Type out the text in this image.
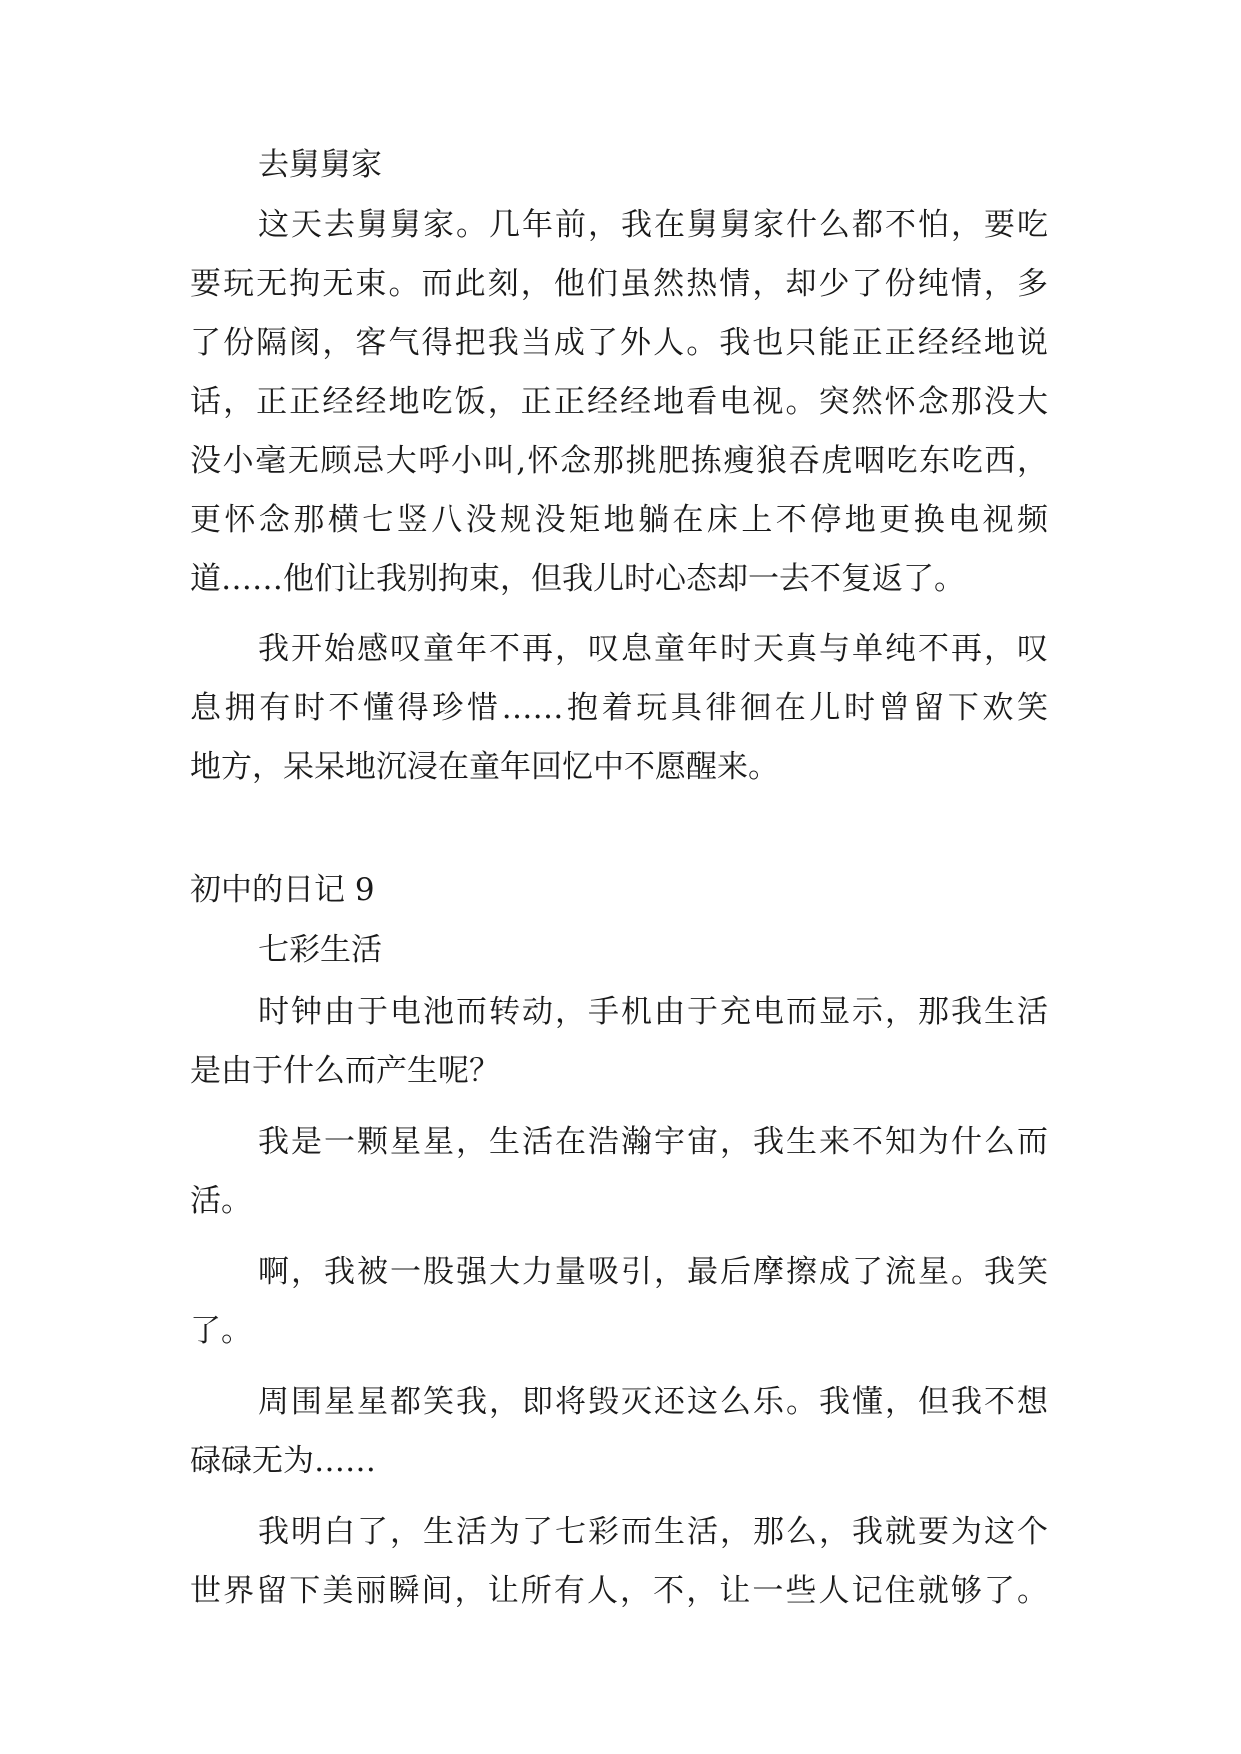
去舅舅家
这天去舅舅家。几年前，我在舅舅家什么都不怕，要吃
要玩无拘无束。而此刻，他们虽然热情，却少了份纯情，多
了份隔阂，客气得把我当成了外人。我也只能正正经经地说
话，正正经经地吃饭，正正经经地看电视。突然怀念那没大
没小毫无顾忌大呼小叫,怀念那挑肥拣瘦狼吞虎咽吃东吃西，
更怀念那横七竖八没规没矩地躺在床上不停地更换电视频
道……他们让我别拘束，但我儿时心态却一去不复返了。
我开始感叹童年不再，叹息童年时天真与单纯不再，叹
息拥有时不懂得珍惜……抱着玩具徘徊在儿时曾留下欢笑
地方，呆呆地沉浸在童年回忆中不愿醒来。
初中的日记 9
七彩生活
时钟由于电池而转动，手机由于充电而显示，那我生活
是由于什么而产生呢？
我是一颗星星，生活在浩瀚宇宙，我生来不知为什么而
活。
啊，我被一股强大力量吸引，最后摩擦成了流星。我笑
了。
周围星星都笑我，即将毁灭还这么乐。我懂，但我不想
碌碌无为……
我明白了，生活为了七彩而生活，那么，我就要为这个
世界留下美丽瞬间，让所有人，不，让一些人记住就够了。
